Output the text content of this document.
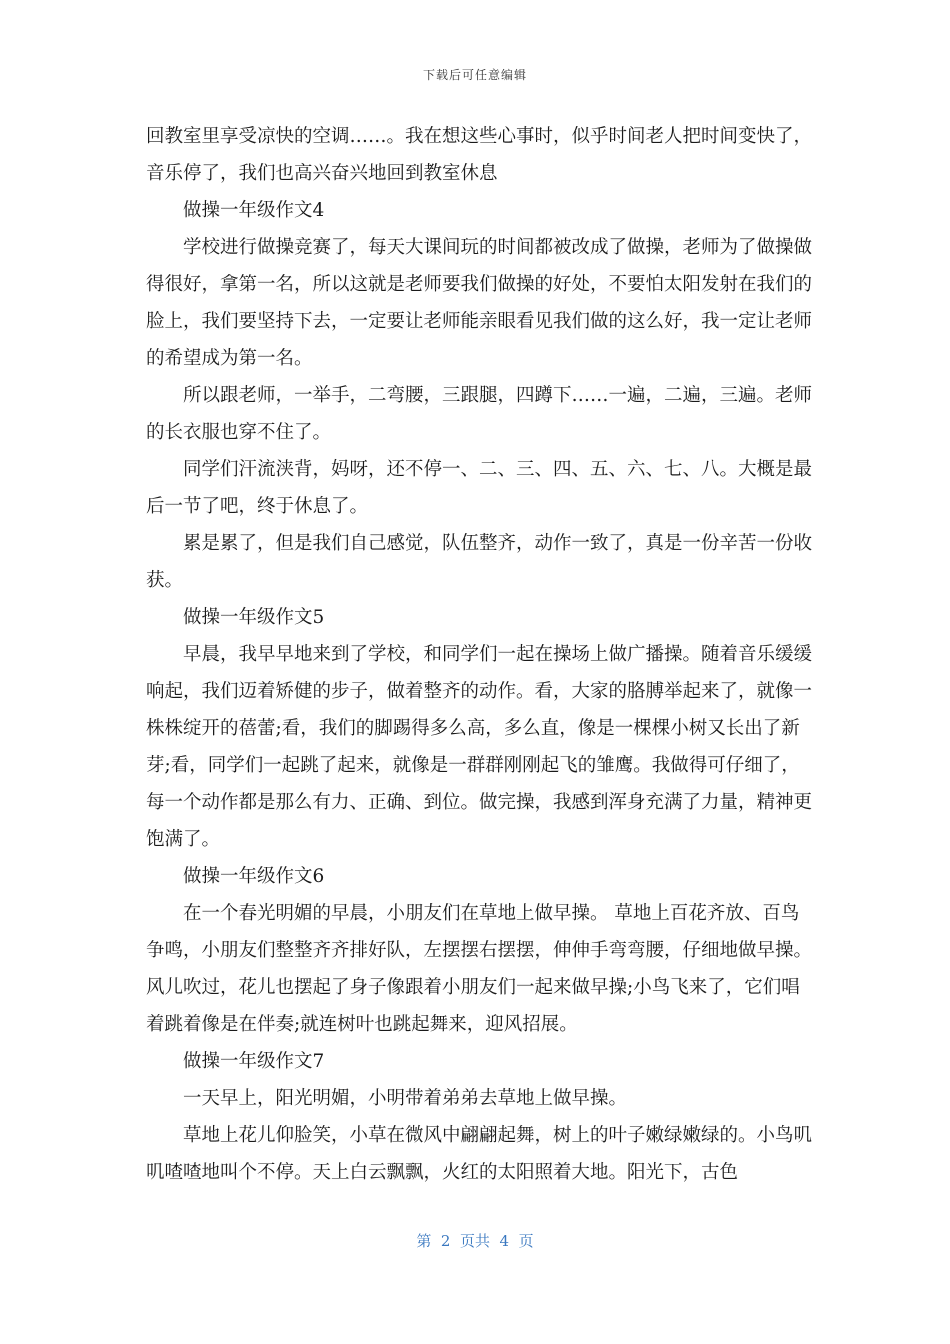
下载后可任意编辑

回教室里享受凉快的空调……。我在想这些心事时，似乎时间老人把时间变快了，音乐停了，我们也高兴奋兴地回到教室休息

做操一年级作文4

学校进行做操竞赛了，每天大课间玩的时间都被改成了做操，老师为了做操做得很好，拿第一名，所以这就是老师要我们做操的好处，不要怕太阳发射在我们的脸上，我们要坚持下去，一定要让老师能亲眼看见我们做的这么好，我一定让老师的希望成为第一名。

所以跟老师，一举手，二弯腰，三跟腿，四蹲下……一遍，二遍，三遍。老师的长衣服也穿不住了。

同学们汗流浃背，妈呀，还不停一、二、三、四、五、六、七、八。大概是最后一节了吧，终于休息了。

累是累了，但是我们自己感觉，队伍整齐，动作一致了，真是一份辛苦一份收获。

做操一年级作文5

早晨，我早早地来到了学校，和同学们一起在操场上做广播操。随着音乐缓缓响起，我们迈着矫健的步子，做着整齐的动作。看，大家的胳膊举起来了，就像一株株绽开的蓓蕾;看，我们的脚踢得多么高，多么直，像是一棵棵小树又长出了新芽;看，同学们一起跳了起来，就像是一群群刚刚起飞的雏鹰。我做得可仔细了，每一个动作都是那么有力、正确、到位。做完操，我感到浑身充满了力量，精神更饱满了。

做操一年级作文6

在一个春光明媚的早晨，小朋友们在草地上做早操。 草地上百花齐放、百鸟争鸣，小朋友们整整齐齐排好队，左摆摆右摆摆，伸伸手弯弯腰，仔细地做早操。风儿吹过，花儿也摆起了身子像跟着小朋友们一起来做早操;小鸟飞来了，它们唱着跳着像是在伴奏;就连树叶也跳起舞来，迎风招展。

做操一年级作文7

一天早上，阳光明媚，小明带着弟弟去草地上做早操。

草地上花儿仰脸笑，小草在微风中翩翩起舞，树上的叶子嫩绿嫩绿的。小鸟叽叽喳喳地叫个不停。天上白云飘飘，火红的太阳照着大地。阳光下，古色

第  2  页共  4  页
